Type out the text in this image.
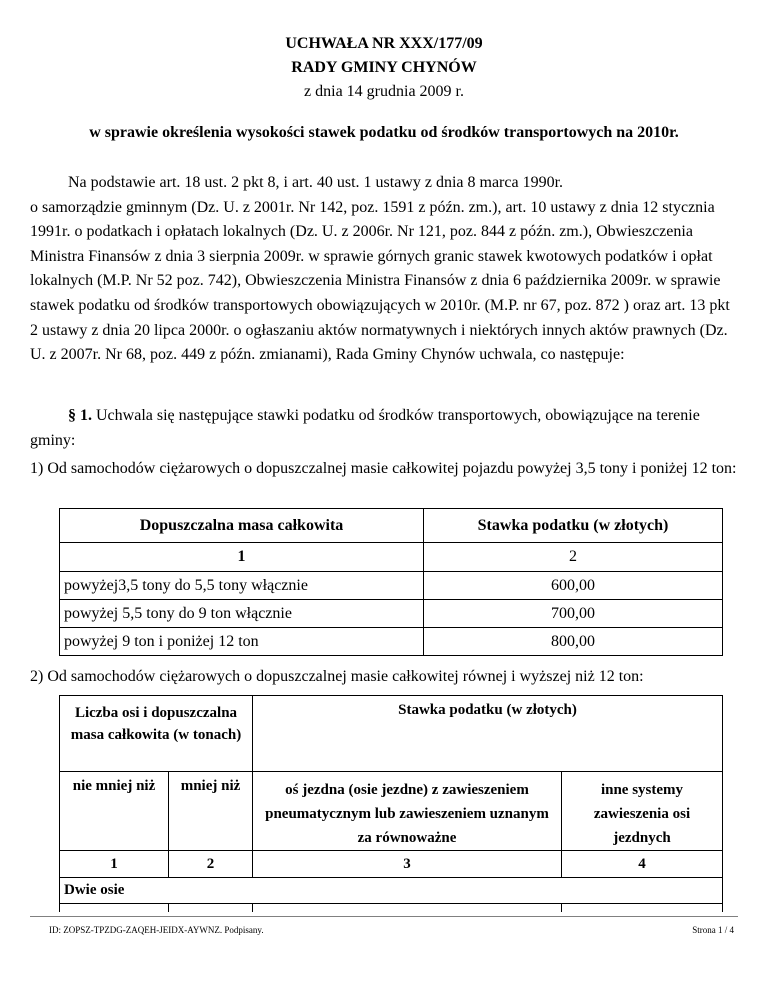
UCHWAŁA NR XXX/177/09
RADY GMINY CHYNÓW
z dnia 14 grudnia 2009 r.
w sprawie określenia wysokości stawek podatku od środków transportowych na 2010r.
Na podstawie art. 18 ust. 2 pkt 8, i art. 40 ust. 1 ustawy z dnia 8 marca 1990r.
o samorządzie gminnym (Dz. U. z 2001r. Nr 142, poz. 1591 z późn. zm.), art. 10 ustawy z dnia 12 stycznia 1991r. o podatkach i opłatach lokalnych (Dz. U. z 2006r. Nr 121, poz. 844 z późn. zm.), Obwieszczenia Ministra Finansów z dnia 3 sierpnia 2009r. w sprawie górnych granic stawek kwotowych podatków i opłat lokalnych (M.P. Nr 52 poz. 742), Obwieszczenia Ministra Finansów z dnia 6 października 2009r. w sprawie stawek podatku od środków transportowych obowiązujących w 2010r. (M.P. nr 67, poz. 872 ) oraz art. 13 pkt 2 ustawy z dnia 20 lipca 2000r. o ogłaszaniu aktów normatywnych i niektórych innych aktów prawnych (Dz. U. z 2007r. Nr 68, poz. 449 z późn. zmianami), Rada Gminy Chynów uchwala, co następuje:
§ 1. Uchwala się następujące stawki podatku od środków transportowych, obowiązujące na terenie gminy:
1) Od samochodów ciężarowych o dopuszczalnej masie całkowitej pojazdu powyżej 3,5 tony i poniżej 12 ton:
Dopuszczalna masa całkowita	Stawka podatku (w złotych)
1	2
powyżej3,5 tony do 5,5 tony włącznie	600,00
powyżej 5,5 tony do 9 ton włącznie	700,00
powyżej 9 ton i poniżej 12 ton	800,00
2) Od samochodów ciężarowych o dopuszczalnej masie całkowitej równej i wyższej niż 12 ton:
Liczba osi i dopuszczalna masa całkowita (w tonach)		Stawka podatku (w złotych)	
nie mniej niż	mniej niż	oś jezdna (osie jezdne) z zawieszeniem pneumatycznym lub zawieszeniem uznanym za równoważne	inne systemy zawieszenia osi jezdnych
1	2	3	4
Dwie osie			

ID: ZOPSZ-TPZDG-ZAQEH-JEIDX-AYWNZ. Podpisany.	Strona 1 / 4
